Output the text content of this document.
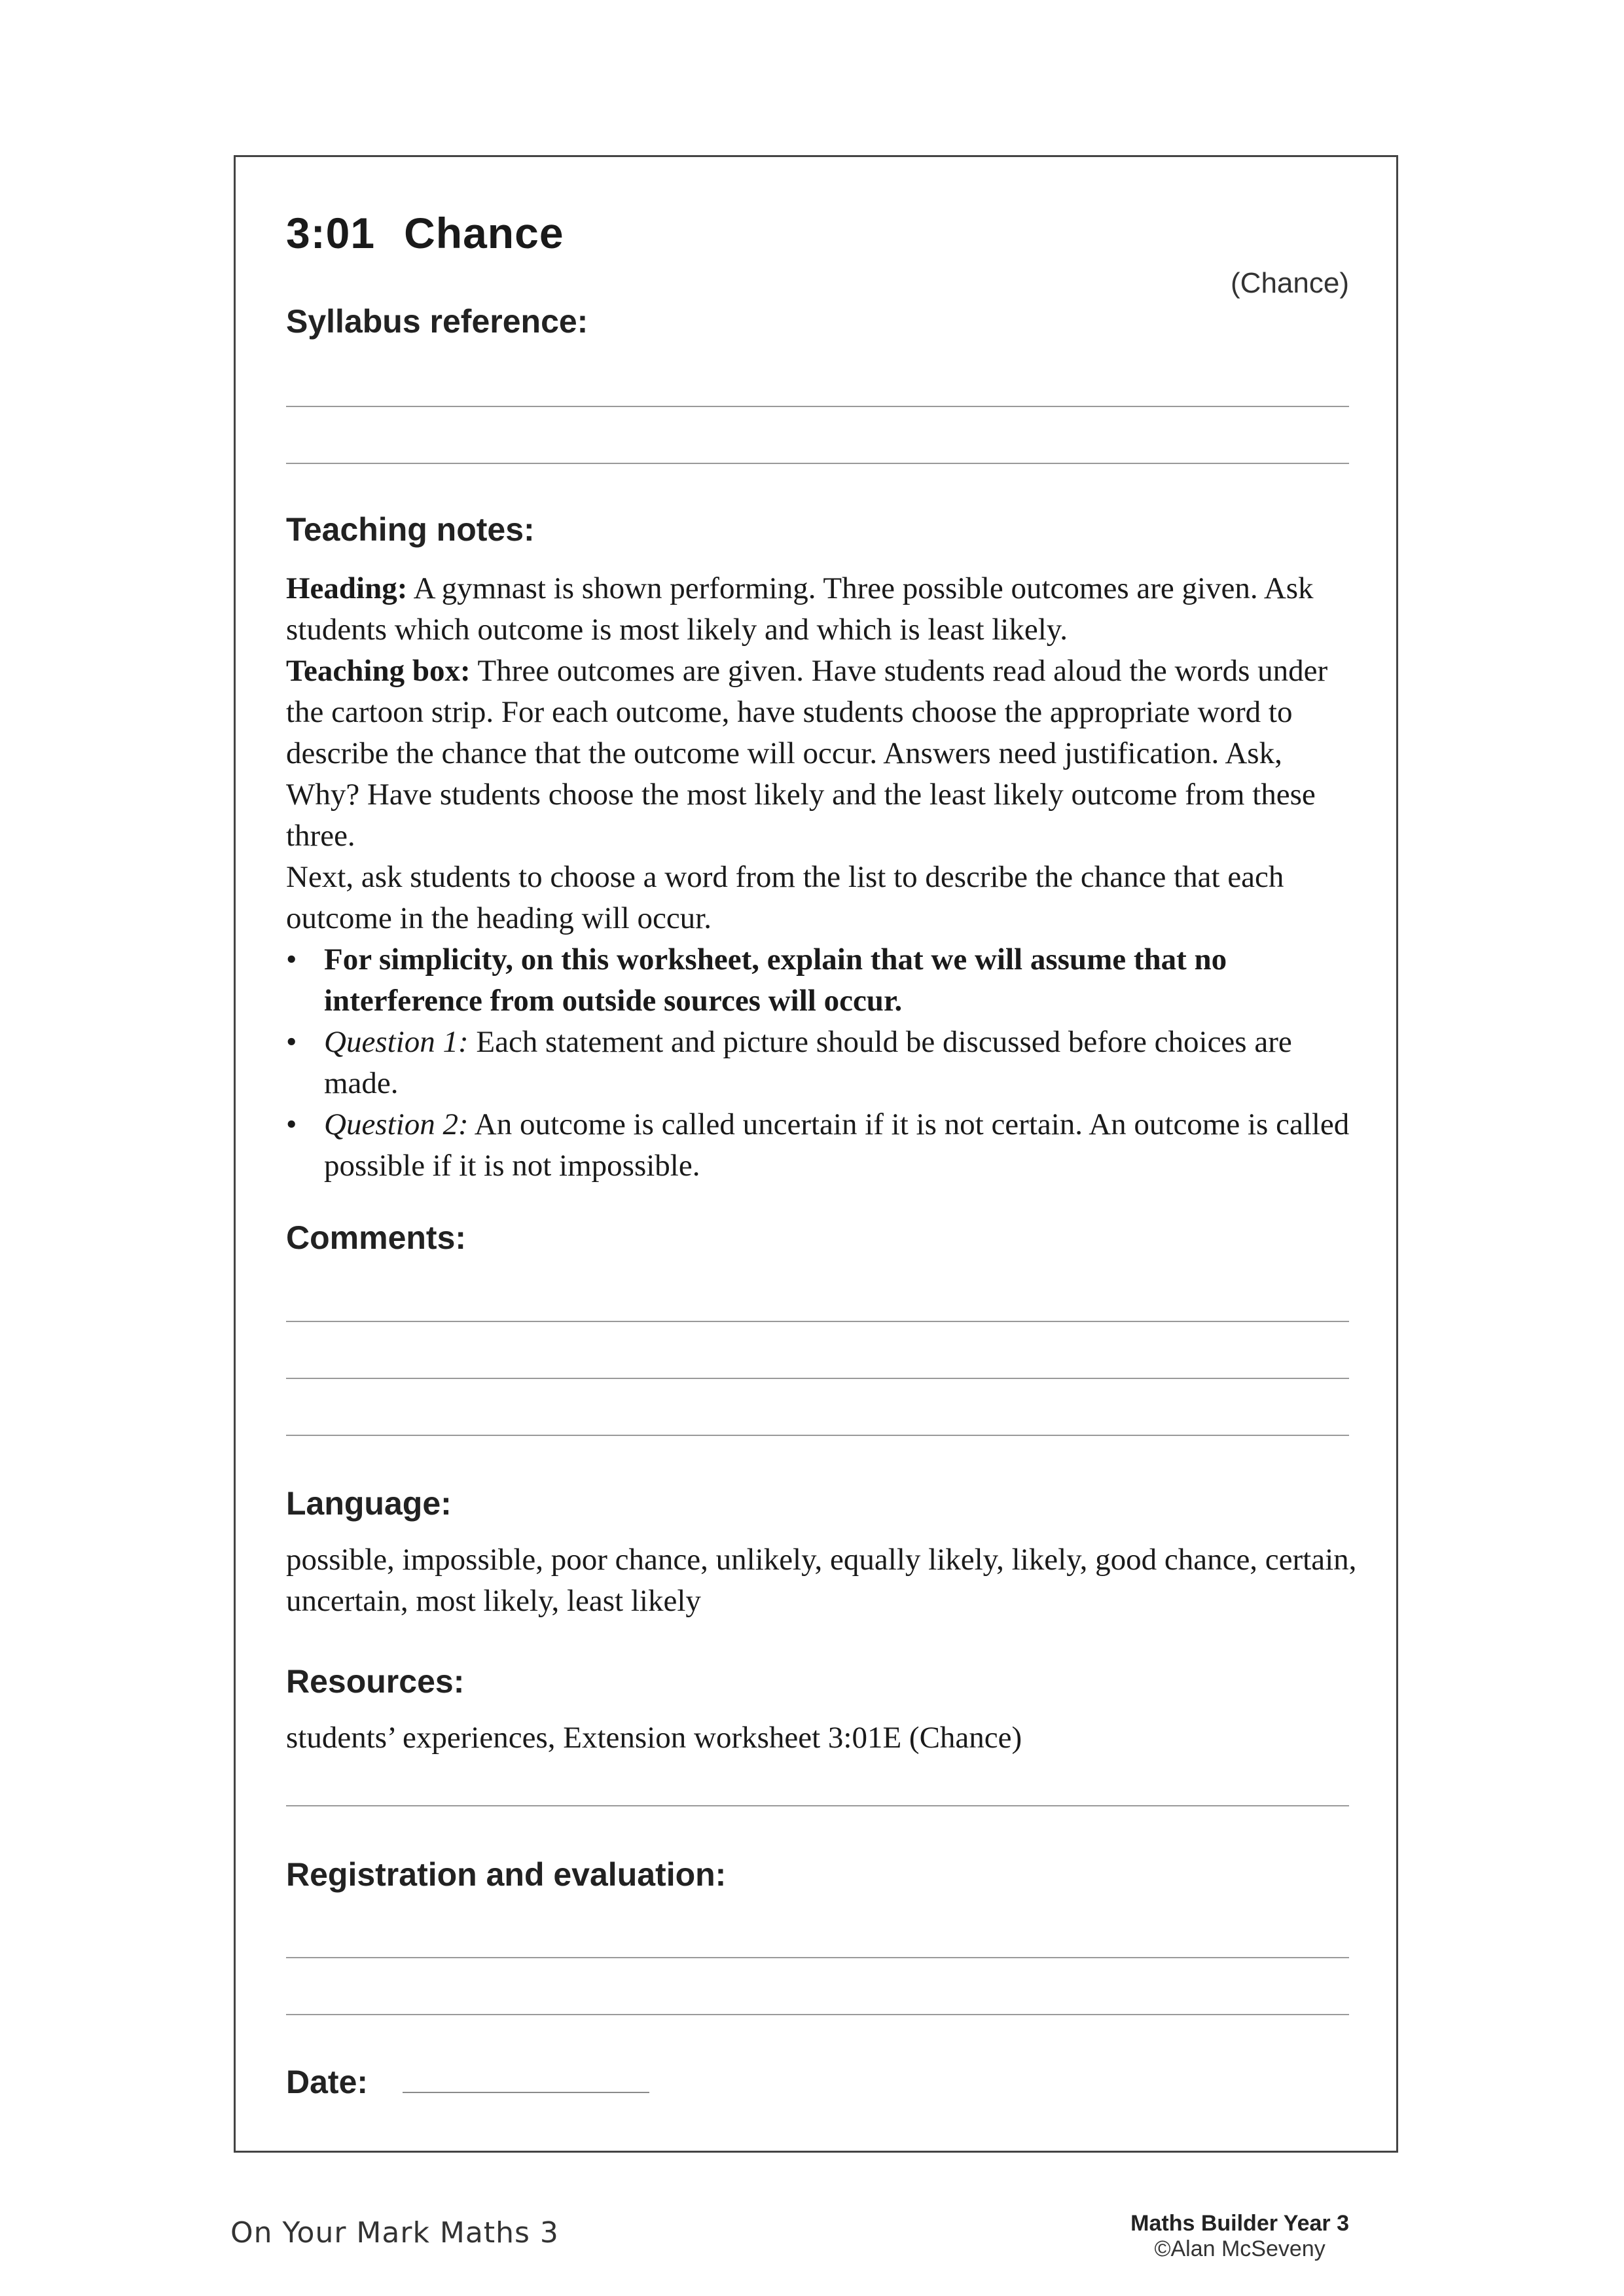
3:01 Chance
(Chance)
Syllabus reference:
Teaching notes:

Heading: A gymnast is shown performing. Three possible outcomes are given. Ask students which outcome is most likely and which is least likely.

Teaching box: Three outcomes are given. Have students read aloud the words under the cartoon strip. For each outcome, have students choose the appropriate word to describe the chance that the outcome will occur. Answers need justification. Ask, Why? Have students choose the most likely and the least likely outcome from these three.

Next, ask students to choose a word from the list to describe the chance that each outcome in the heading will occur.

• For simplicity, on this worksheet, explain that we will assume that no interference from outside sources will occur.
• Question 1: Each statement and picture should be discussed before choices are made.
• Question 2: An outcome is called uncertain if it is not certain. An outcome is called possible if it is not impossible.
Comments:
Language:
possible, impossible, poor chance, unlikely, equally likely, likely, good chance, certain, uncertain, most likely, least likely
Resources:
students’ experiences, Extension worksheet 3:01E (Chance)
Registration and evaluation:
Date:
On Your Mark Maths 3	Maths Builder Year 3
©Alan McSeveny
